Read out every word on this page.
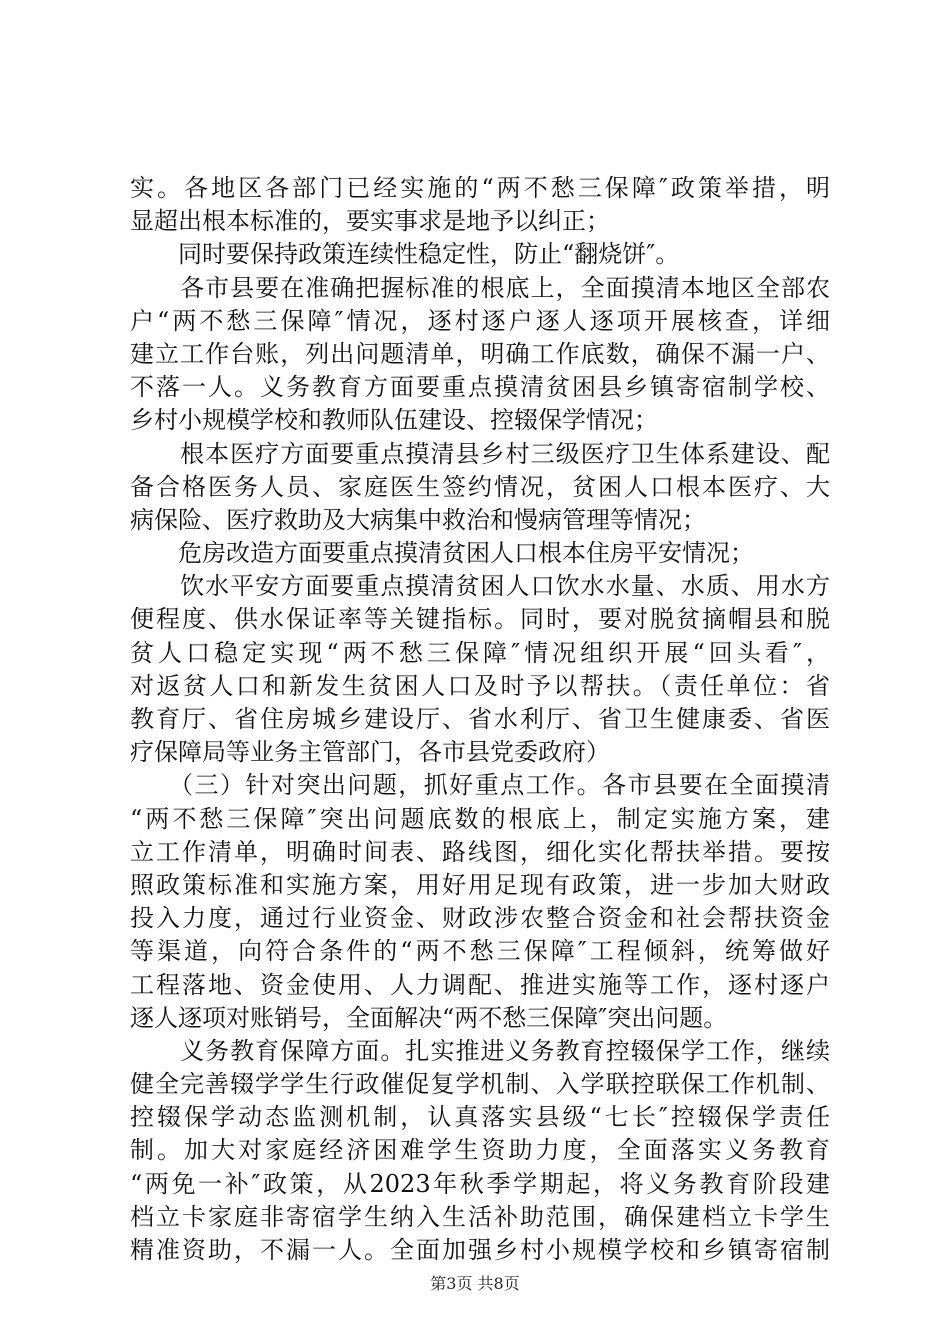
实。各地区各部门已经实施的“两不愁三保障″政策举措，明
显超出根本标准的，要实事求是地予以纠正；
　　同时要保持政策连续性稳定性，防止“翻烧饼″。
　　各市县要在准确把握标准的根底上，全面摸清本地区全部农
户“两不愁三保障″情况，逐村逐户逐人逐项开展核查，详细
建立工作台账，列出问题清单，明确工作底数，确保不漏一户、
不落一人。义务教育方面要重点摸清贫困县乡镇寄宿制学校、
乡村小规模学校和教师队伍建设、控辍保学情况；
　　根本医疗方面要重点摸清县乡村三级医疗卫生体系建设、配
备合格医务人员、家庭医生签约情况，贫困人口根本医疗、大
病保险、医疗救助及大病集中救治和慢病管理等情况；
　　危房改造方面要重点摸清贫困人口根本住房平安情况；
　　饮水平安方面要重点摸清贫困人口饮水水量、水质、用水方
便程度、供水保证率等关键指标。同时，要对脱贫摘帽县和脱
贫人口稳定实现“两不愁三保障″情况组织开展“回头看″，
对返贫人口和新发生贫困人口及时予以帮扶。（责任单位：省
教育厅、省住房城乡建设厅、省水利厅、省卫生健康委、省医
疗保障局等业务主管部门，各市县党委政府）
　　（三）针对突出问题，抓好重点工作。各市县要在全面摸清
“两不愁三保障″突出问题底数的根底上，制定实施方案，建
立工作清单，明确时间表、路线图，细化实化帮扶举措。要按
照政策标准和实施方案，用好用足现有政策，进一步加大财政
投入力度，通过行业资金、财政涉农整合资金和社会帮扶资金
等渠道，向符合条件的“两不愁三保障″工程倾斜，统筹做好
工程落地、资金使用、人力调配、推进实施等工作，逐村逐户
逐人逐项对账销号，全面解决“两不愁三保障″突出问题。
　　义务教育保障方面。扎实推进义务教育控辍保学工作，继续
健全完善辍学学生行政催促复学机制、入学联控联保工作机制、
控辍保学动态监测机制，认真落实县级“七长″控辍保学责任
制。加大对家庭经济困难学生资助力度，全面落实义务教育
“两免一补″政策，从2023年秋季学期起，将义务教育阶段建
档立卡家庭非寄宿学生纳入生活补助范围，确保建档立卡学生
精准资助，不漏一人。全面加强乡村小规模学校和乡镇寄宿制
第3页 共8页
